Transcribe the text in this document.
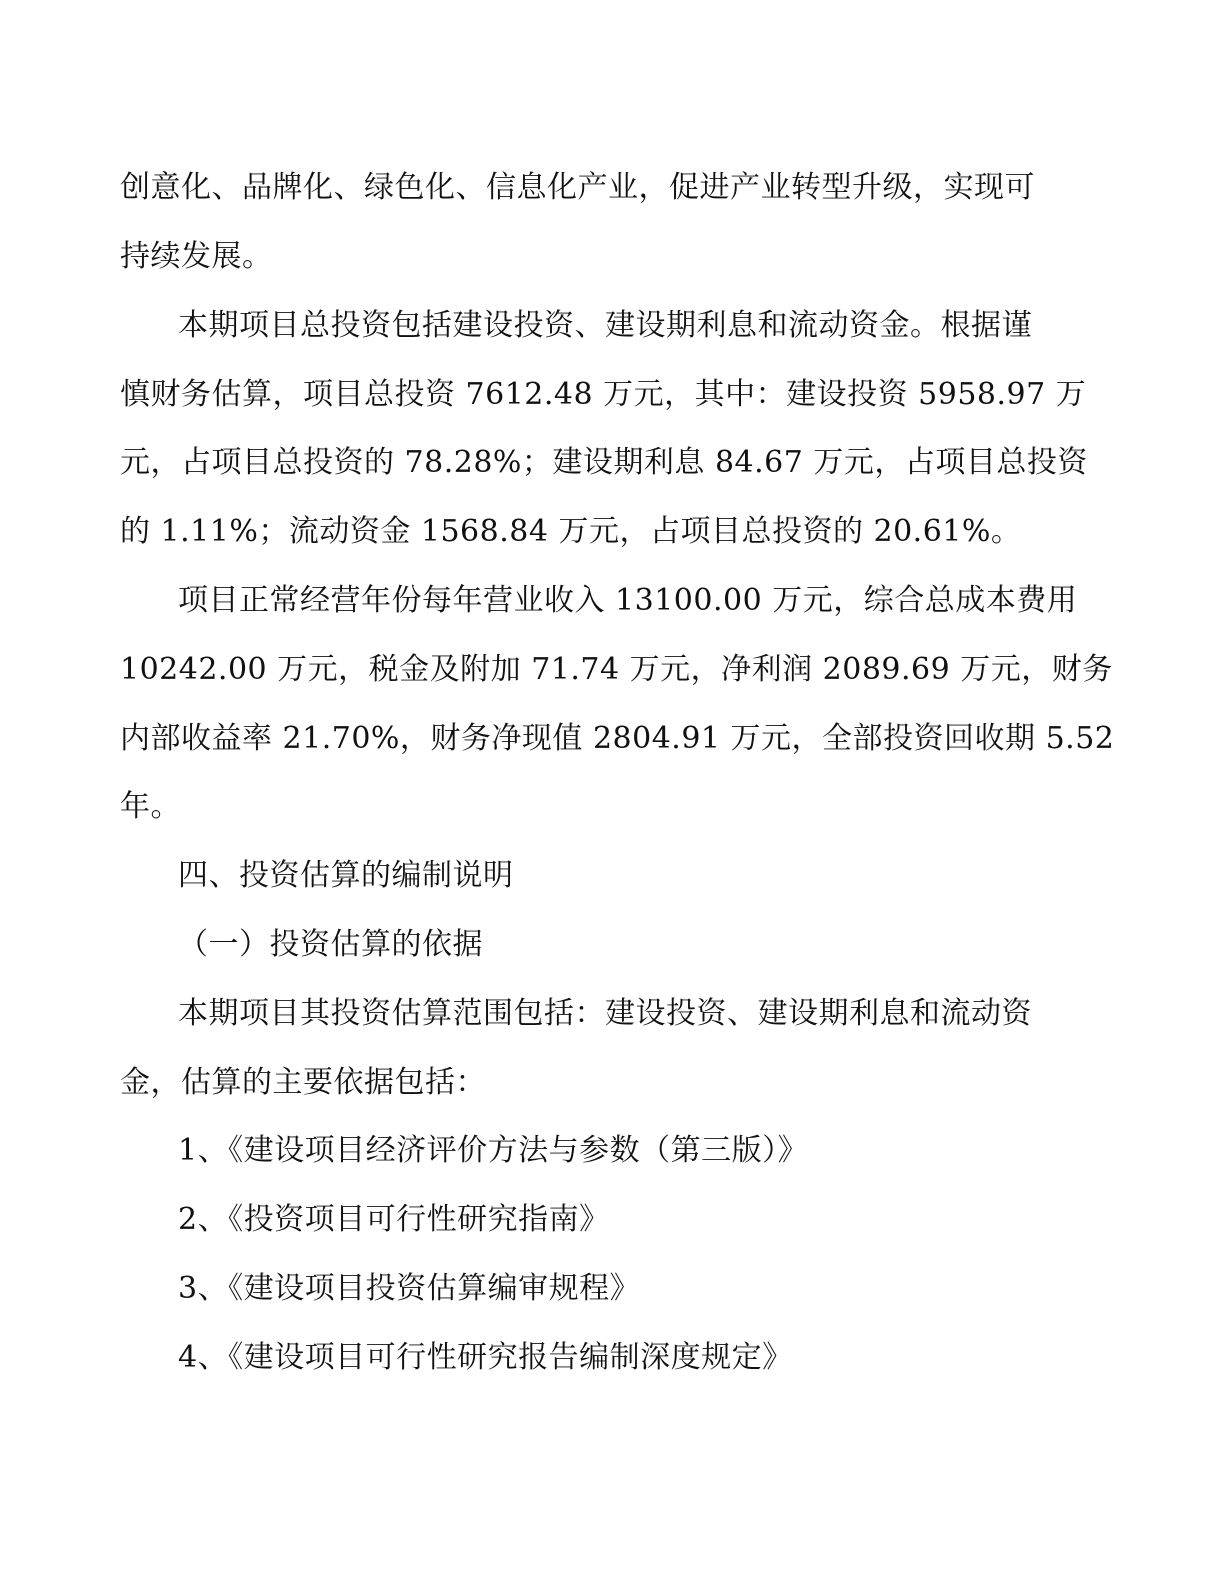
创意化、品牌化、绿色化、信息化产业，促进产业转型升级，实现可
持续发展。
本期项目总投资包括建设投资、建设期利息和流动资金。根据谨
慎财务估算，项目总投资 7612.48 万元，其中：建设投资 5958.97 万
元，占项目总投资的 78.28%；建设期利息 84.67 万元，占项目总投资
的 1.11%；流动资金 1568.84 万元，占项目总投资的 20.61%。
项目正常经营年份每年营业收入 13100.00 万元，综合总成本费用
10242.00 万元，税金及附加 71.74 万元，净利润 2089.69 万元，财务
内部收益率 21.70%，财务净现值 2804.91 万元，全部投资回收期 5.52
年。
四、投资估算的编制说明
（一）投资估算的依据
本期项目其投资估算范围包括：建设投资、建设期利息和流动资
金，估算的主要依据包括：
1、《建设项目经济评价方法与参数（第三版）》
2、《投资项目可行性研究指南》
3、《建设项目投资估算编审规程》
4、《建设项目可行性研究报告编制深度规定》
